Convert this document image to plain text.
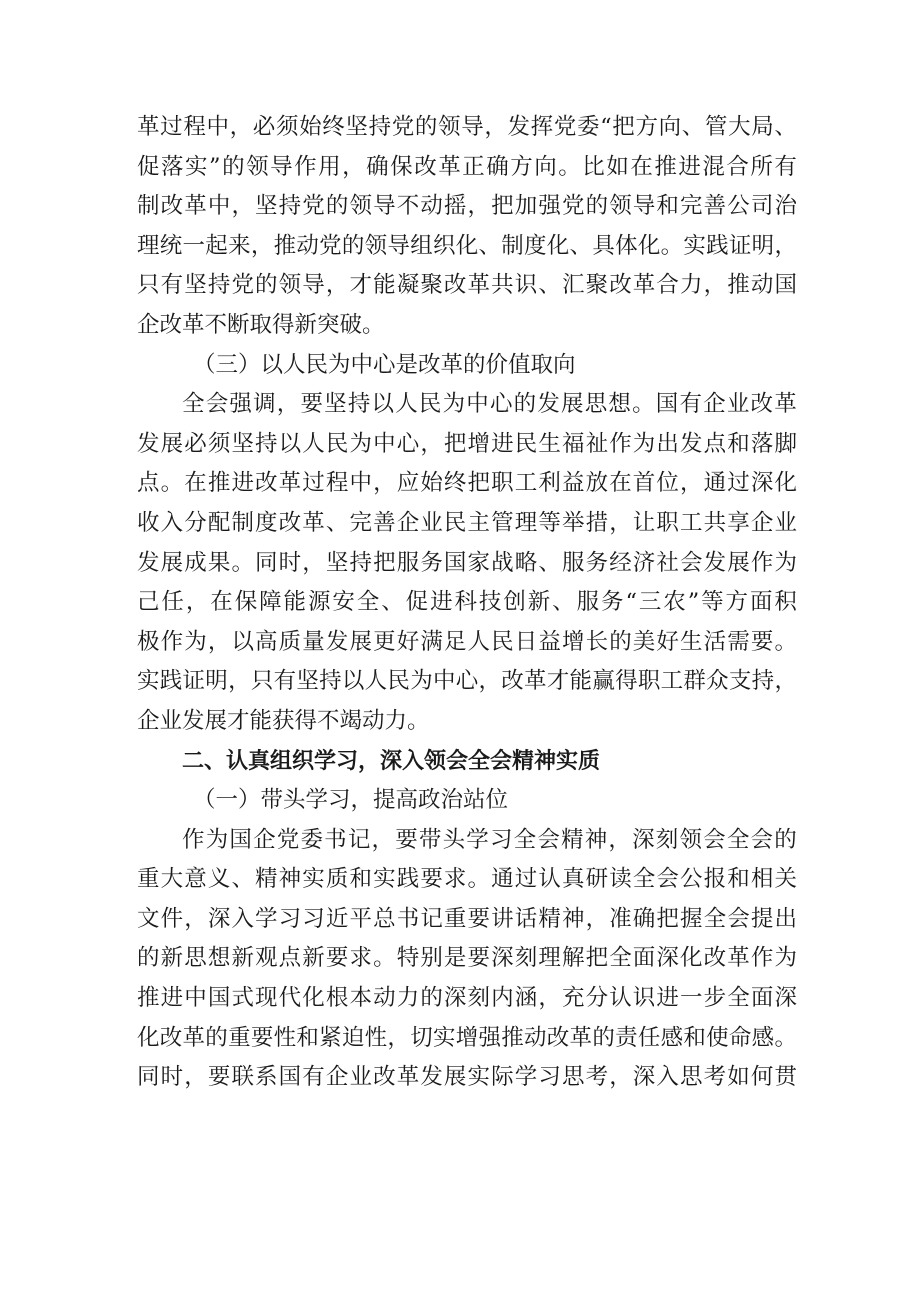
革 过 程 中 ， 必 须 始 终 坚 持 党 的 领 导 ， 发 挥 党 委 “ 把 方 向 、 管 大 局 、
促 落 实 ” 的 领 导 作 用 ， 确 保 改 革 正 确 方 向 。 比 如 在 推 进 混 合 所 有
制 改 革 中 ， 坚 持 党 的 领 导 不 动 摇 ， 把 加 强 党 的 领 导 和 完 善 公 司 治
理 统 一 起 来 ， 推 动 党 的 领 导 组 织 化 、 制 度 化 、 具 体 化 。 实 践 证 明 ，
只 有 坚 持 党 的 领 导 ， 才 能 凝 聚 改 革 共 识 、 汇 聚 改 革 合 力 ， 推 动 国
企改革不断取得新突破。
（三）以人民为中心是改革的价值取向
全 会 强 调 ， 要 坚 持 以 人 民 为 中 心 的 发 展 思 想 。 国 有 企 业 改 革
发 展 必 须 坚 持 以 人 民 为 中 心 ， 把 增 进 民 生 福 祉 作 为 出 发 点 和 落 脚
点 。 在 推 进 改 革 过 程 中 ， 应 始 终 把 职 工 利 益 放 在 首 位 ， 通 过 深 化
收 入 分 配 制 度 改 革 、 完 善 企 业 民 主 管 理 等 举 措 ， 让 职 工 共 享 企 业
发 展 成 果 。 同 时 ， 坚 持 把 服 务 国 家 战 略 、 服 务 经 济 社 会 发 展 作 为
己 任 ， 在 保 障 能 源 安 全 、 促 进 科 技 创 新 、 服 务 “ 三 农 ” 等 方 面 积
极 作 为 ， 以 高 质 量 发 展 更 好 满 足 人 民 日 益 增 长 的 美 好 生 活 需 要 。
实 践 证 明 ， 只 有 坚 持 以 人 民 为 中 心 ， 改 革 才 能 赢 得 职 工 群 众 支 持 ，
企业发展才能获得不竭动力。
二、认真组织学习，深入领会全会精神实质
（一）带头学习，提高政治站位
作 为 国 企 党 委 书 记 ， 要 带 头 学 习 全 会 精 神 ， 深 刻 领 会 全 会 的
重 大 意 义 、 精 神 实 质 和 实 践 要 求 。 通 过 认 真 研 读 全 会 公 报 和 相 关
文 件 ， 深 入 学 习 习 近 平 总 书 记 重 要 讲 话 精 神 ， 准 确 把 握 全 会 提 出
的 新 思 想 新 观 点 新 要 求 。 特 别 是 要 深 刻 理 解 把 全 面 深 化 改 革 作 为
推 进 中 国 式 现 代 化 根 本 动 力 的 深 刻 内 涵 ， 充 分 认 识 进 一 步 全 面 深
化 改 革 的 重 要 性 和 紧 迫 性 ， 切 实 增 强 推 动 改 革 的 责 任 感 和 使 命 感 。
同 时 ， 要 联 系 国 有 企 业 改 革 发 展 实 际 学 习 思 考 ， 深 入 思 考 如 何 贯
